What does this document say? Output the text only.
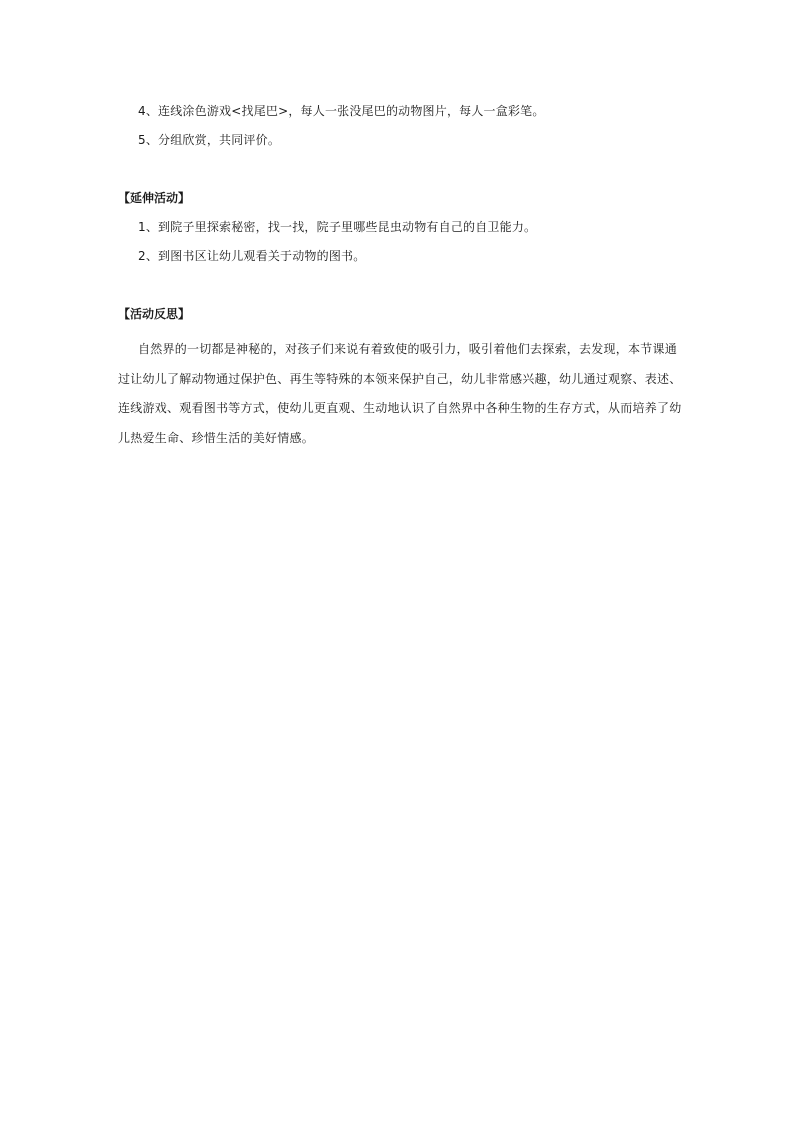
4、连线涂色游戏<找尾巴>，每人一张没尾巴的动物图片，每人一盒彩笔。
5、分组欣赏，共同评价。
【延伸活动】
1、到院子里探索秘密，找一找，院子里哪些昆虫动物有自己的自卫能力。
2、到图书区让幼儿观看关于动物的图书。
【活动反思】
自然界的一切都是神秘的，对孩子们来说有着致使的吸引力，吸引着他们去探索，去发现，本节课通过让幼儿了解动物通过保护色、再生等特殊的本领来保护自己，幼儿非常感兴趣，幼儿通过观察、表述、连线游戏、观看图书等方式，使幼儿更直观、生动地认识了自然界中各种生物的生存方式，从而培养了幼儿热爱生命、珍惜生活的美好情感。
